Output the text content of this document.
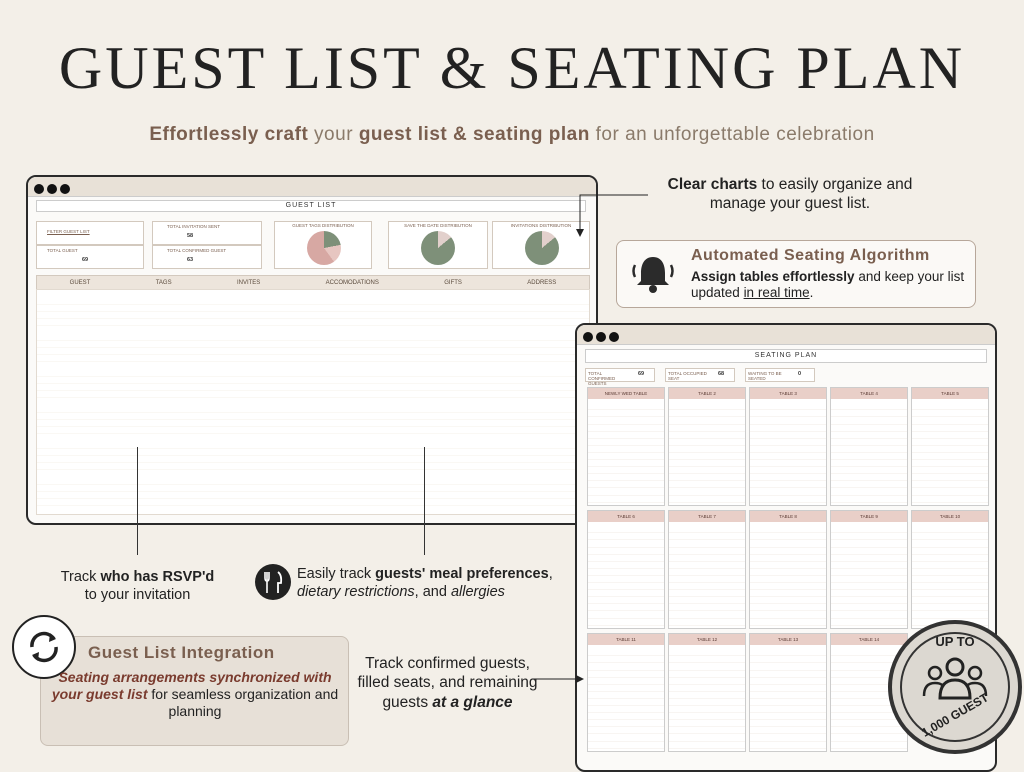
GUEST LIST & SEATING PLAN
Effortlessly craft your guest list & seating plan for an unforgettable celebration
GUEST LIST
FILTER GUEST LIST
TOTAL GUEST
69
TOTAL INVITATION SENT
58
TOTAL CONFIRMED GUEST
63
GUEST TAGS DISTRIBUTION	SAVE THE DATE DISTRIBUTION	INVITATIONS DISTRIBUTION
GUEST	TAGS	INVITES	ACCOMODATIONS	GIFTS	ADDRESS
Clear charts to easily organize and manage your guest list.
Automated Seating Algorithm
Assign tables effortlessly and keep your list updated in real time.
SEATING PLAN
TOTAL CONFIRMED GUESTS
69	TOTAL OCCUPIED SEAT
68	WAITING TO BE SEATED
0
NEWLY WED TABLE	TABLE 2	TABLE 3	TABLE 4	TABLE 5
TABLE 6	TABLE 7	TABLE 8	TABLE 9	TABLE 10
TABLE 11	TABLE 12	TABLE 13	TABLE 14
Track who has RSVP'd
to your invitation
Easily track guests' meal preferences, dietary restrictions, and allergies
Guest List Integration
Seating arrangements synchronized with your guest list for seamless organization and planning
Track confirmed guests, filled seats, and remaining guests at a glance
UP TO
1,000 GUEST
